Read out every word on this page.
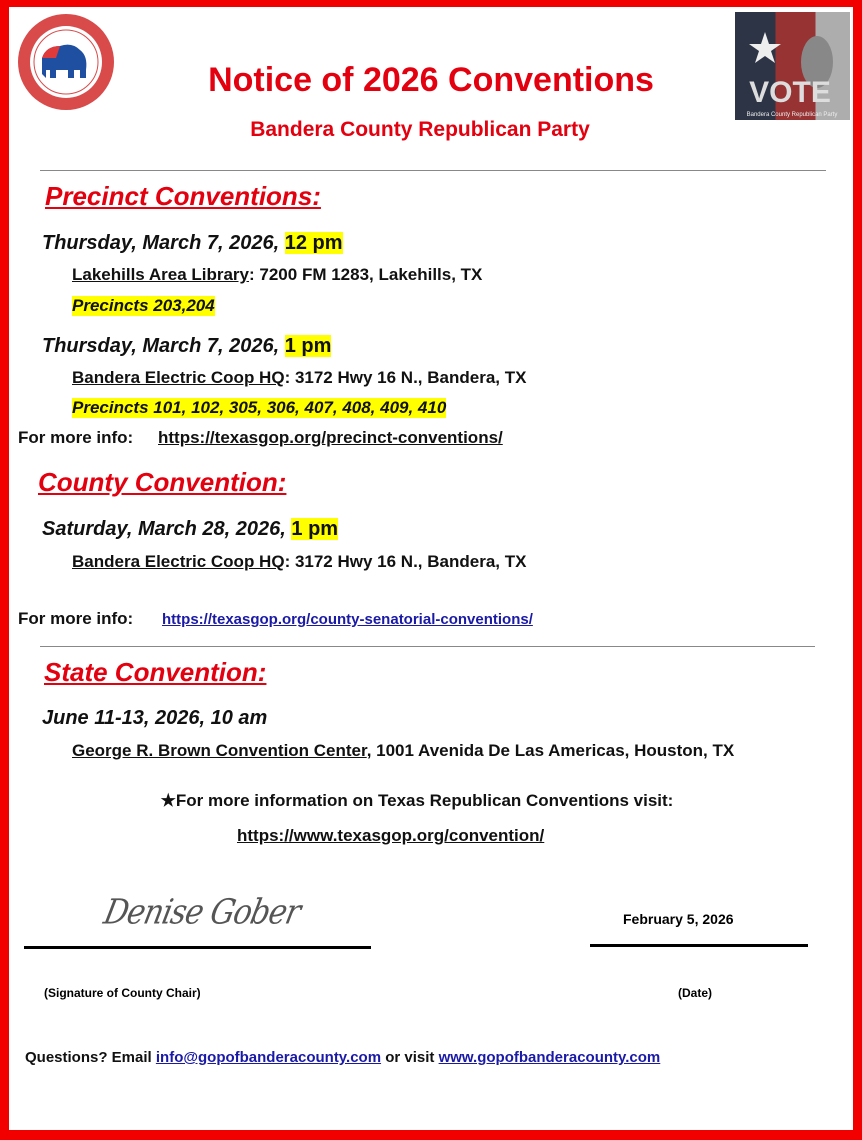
VOTE
Bandera County Republican Party
Notice of 2026 Conventions
Bandera County Republican Party
Precinct Conventions:
Thursday, March 7, 2026, 12 pm
Lakehills Area Library: 7200 FM 1283, Lakehills, TX
Precincts 203,204
Thursday, March 7, 2026, 1 pm
Bandera Electric Coop HQ: 3172 Hwy 16 N., Bandera, TX
Precincts 101, 102, 305, 306, 407, 408, 409, 410
For more info: https://texasgop.org/precinct-conventions/
County Convention:
Saturday, March 28, 2026, 1 pm
Bandera Electric Coop HQ: 3172 Hwy 16 N., Bandera, TX
For more info: https://texasgop.org/county-senatorial-conventions/
State Convention:
June 11-13, 2026, 10 am
George R. Brown Convention Center, 1001 Avenida De Las Americas, Houston, TX
★For more information on Texas Republican Conventions visit:
https://www.texasgop.org/convention/
Denise Gober	February 5, 2026
(Signature of County Chair)	(Date)
Questions? Email info@gopofbanderacounty.com or visit www.gopofbanderacounty.com
